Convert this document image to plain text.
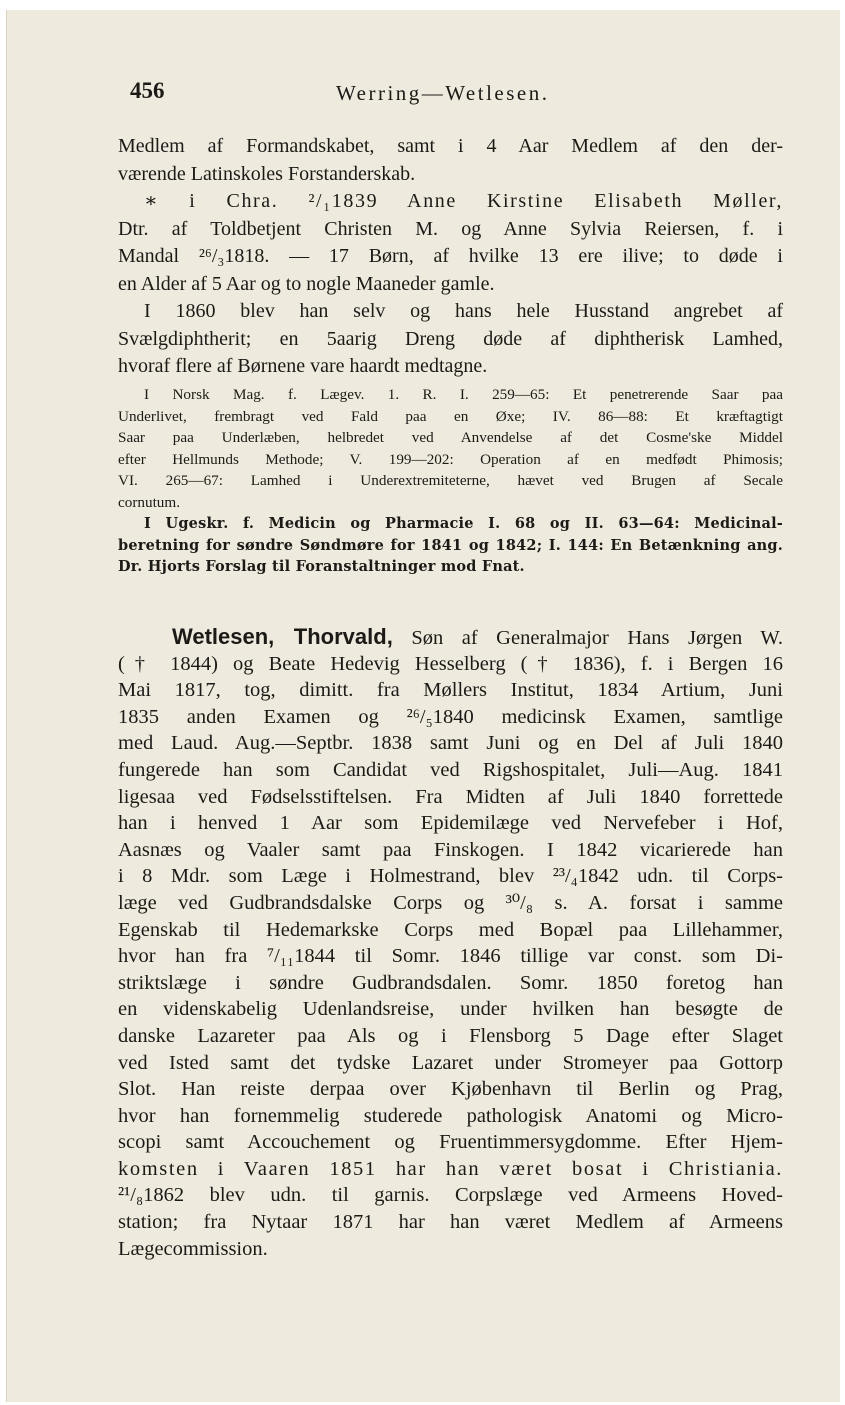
456	Werring—Wetlesen.
Medlem af Formandskabet, samt i 4 Aar Medlem af den der-
værende Latinskoles Forstanderskab.
∗ i Chra. ²/₁1839 Anne Kirstine Elisabeth Møller,
Dtr. af Toldbetjent Christen M. og Anne Sylvia Reiersen, f. i
Mandal ²⁶/₃1818. — 17 Børn, af hvilke 13 ere ilive; to døde i
en Alder af 5 Aar og to nogle Maaneder gamle.
I 1860 blev han selv og hans hele Husstand angrebet af
Svælgdiphtherit; en 5aarig Dreng døde af diphtherisk Lamhed,
hvoraf flere af Børnene vare haardt medtagne.
I Norsk Mag. f. Lægev. 1. R. I. 259—65: Et penetrerende Saar paa
Underlivet, frembragt ved Fald paa en Øxe; IV. 86—88: Et kræftagtigt
Saar paa Underlæben, helbredet ved Anvendelse af det Cosme'ske Middel
efter Hellmunds Methode; V. 199—202: Operation af en medfødt Phimosis;
VI. 265—67: Lamhed i Underextremiteterne, hævet ved Brugen af Secale
cornutum.
I Ugeskr. f. Medicin og Pharmacie I. 68 og II. 63—64: Medicinal-
beretning for søndre Søndmøre for 1841 og 1842; I. 144: En Betænkning ang.
Dr. Hjorts Forslag til Foranstaltninger mod Fnat.
Wetlesen, Thorvald, Søn af Generalmajor Hans Jørgen W.
(† 1844) og Beate Hedevig Hesselberg († 1836), f. i Bergen 16
Mai 1817, tog, dimitt. fra Møllers Institut, 1834 Artium, Juni
1835 anden Examen og ²⁶/₅1840 medicinsk Examen, samtlige
med Laud. Aug.—Septbr. 1838 samt Juni og en Del af Juli 1840
fungerede han som Candidat ved Rigshospitalet, Juli—Aug. 1841
ligesaa ved Fødselsstiftelsen. Fra Midten af Juli 1840 forrettede
han i henved 1 Aar som Epidemilæge ved Nervefeber i Hof,
Aasnæs og Vaaler samt paa Finskogen. I 1842 vicarierede han
i 8 Mdr. som Læge i Holmestrand, blev ²³/₄1842 udn. til Corps-
læge ved Gudbrandsdalske Corps og ³⁰/₈ s. A. forsat i samme
Egenskab til Hedemarkske Corps med Bopæl paa Lillehammer,
hvor han fra ⁷/₁₁1844 til Somr. 1846 tillige var const. som Di-
striktslæge i søndre Gudbrandsdalen. Somr. 1850 foretog han
en videnskabelig Udenlandsreise, under hvilken han besøgte de
danske Lazareter paa Als og i Flensborg 5 Dage efter Slaget
ved Isted samt det tydske Lazaret under Stromeyer paa Gottorp
Slot. Han reiste derpaa over Kjøbenhavn til Berlin og Prag,
hvor han fornemmelig studerede pathologisk Anatomi og Micro-
scopi samt Accouchement og Fruentimmersygdomme. Efter Hjem-
komsten i Vaaren 1851 har han været bosat i Christiania.
²¹/₈1862 blev udn. til garnis. Corpslæge ved Armeens Hoved-
station; fra Nytaar 1871 har han været Medlem af Armeens
Lægecommission.
